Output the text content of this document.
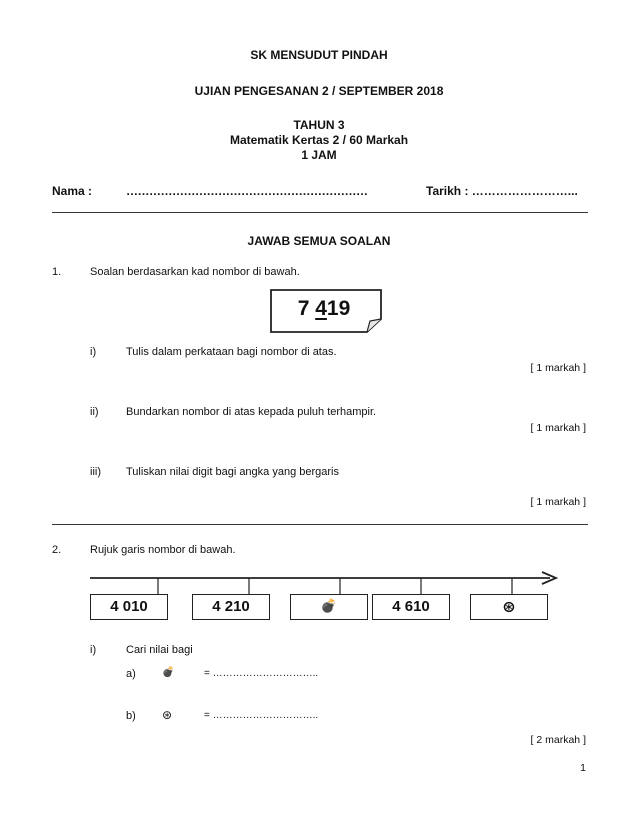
SK MENSUDUT PINDAH
UJIAN PENGESANAN 2 / SEPTEMBER 2018
TAHUN 3
Matematik Kertas 2 / 60 Markah
1 JAM
Nama :	………………………………………………………	Tarikh : ……………………...
JAWAB SEMUA SOALAN
1.	Soalan berdasarkan kad nombor di bawah.
7 419
i)	Tulis dalam perkataan bagi nombor di atas.
[ 1 markah ]
ii) Bundarkan nombor di atas kepada puluh terhampir.
[ 1 markah ]
iii) Tuliskan nilai digit bagi angka yang bergaris
[ 1 markah ]
2.	Rujuk garis nombor di bawah.
4 010	4 210	💣	4 610	⊛
i)	Cari nilai bagi
a)	💣	= …………………………..
b) ⊛	= …………………………..
[ 2 markah ]
1
